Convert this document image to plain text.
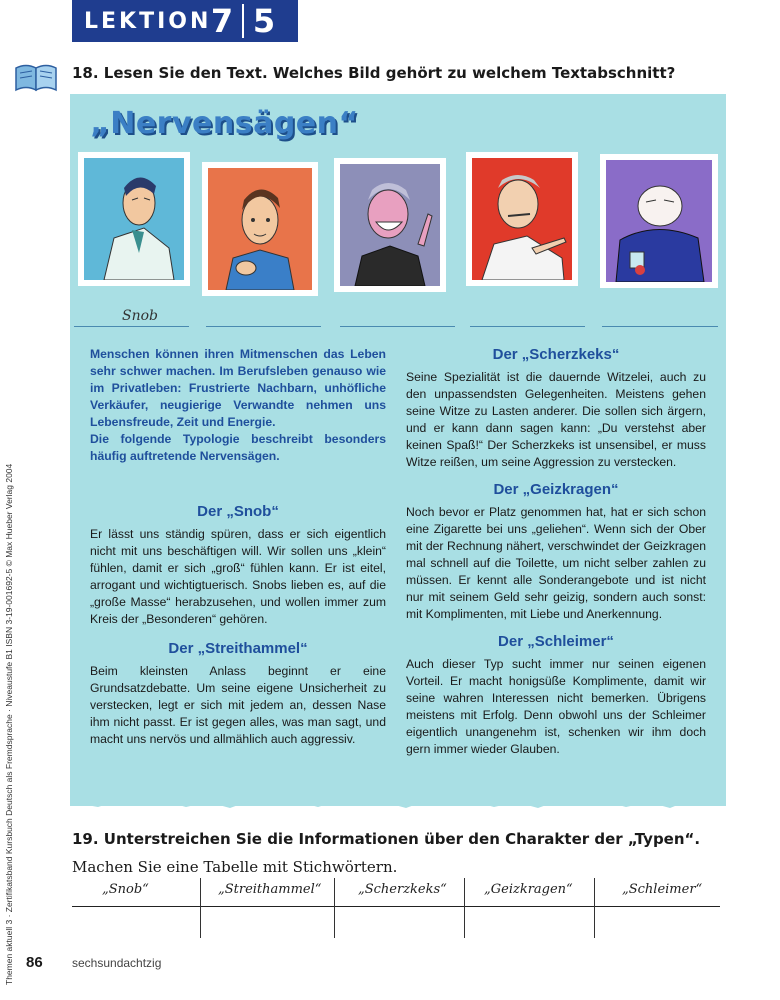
LEKTION 7 5
18. Lesen Sie den Text. Welches Bild gehört zu welchem Textabschnitt?
„Nervensägen“
Snob
Menschen können ihren Mitmenschen das Leben sehr schwer machen. Im Berufsleben genauso wie im Privatleben: Frustrierte Nachbarn, unhöfliche Verkäufer, neugierige Verwandte nehmen uns Lebensfreude, Zeit und Energie.
Die folgende Typologie beschreibt besonders häufig auftretende Nervensägen.
Der „Snob“
Er lässt uns ständig spüren, dass er sich eigentlich nicht mit uns beschäftigen will. Wir sollen uns „klein“ fühlen, damit er sich „groß“ fühlen kann. Er ist eitel, arrogant und wichtigtuerisch. Snobs lieben es, auf die „große Masse“ herabzusehen, und wollen immer zum Kreis der „Besonderen“ gehören.
Der „Streithammel“
Beim kleinsten Anlass beginnt er eine Grundsatzdebatte. Um seine eigene Unsicherheit zu verstecken, legt er sich mit jedem an, dessen Nase ihm nicht passt. Er ist gegen alles, was man sagt, und macht uns nervös und allmählich auch aggressiv.
Der „Scherzkeks“
Seine Spezialität ist die dauernde Witzelei, auch zu den unpassendsten Gelegenheiten. Meistens gehen seine Witze zu Lasten anderer. Die sollen sich ärgern, und er kann dann sagen kann: „Du verstehst aber keinen Spaß!“ Der Scherzkeks ist unsensibel, er muss Witze reißen, um seine Aggression zu verstecken.
Der „Geizkragen“
Noch bevor er Platz genommen hat, hat er sich schon eine Zigarette bei uns „geliehen“. Wenn sich der Ober mit der Rechnung nähert, verschwindet der Geizkragen mal schnell auf die Toilette, um nicht selber zahlen zu müssen. Er kennt alle Sonderangebote und ist nicht nur mit seinem Geld sehr geizig, sondern auch sonst: mit Komplimenten, mit Liebe und Anerkennung.
Der „Schleimer“
Auch dieser Typ sucht immer nur seinen eigenen Vorteil. Er macht honigsüße Komplimente, damit wir seine wahren Interessen nicht bemerken. Übrigens meistens mit Erfolg. Denn obwohl uns der Schleimer eigentlich unangenehm ist, schenken wir ihm doch gern immer wieder Glauben.
19. Unterstreichen Sie die Informationen über den Charakter der „Typen“.
Machen Sie eine Tabelle mit Stichwörtern.
„Snob“	„Streithammel“	„Scherzkeks“	„Geizkragen“	„Schleimer“
Themen aktuell 3 · Zertifikatsband Kursbuch Deutsch als Fremdsprache · Niveaustufe B1 ISBN 3-19-001692-5 © Max Hueber Verlag 2004 86 sechsundachtzig
